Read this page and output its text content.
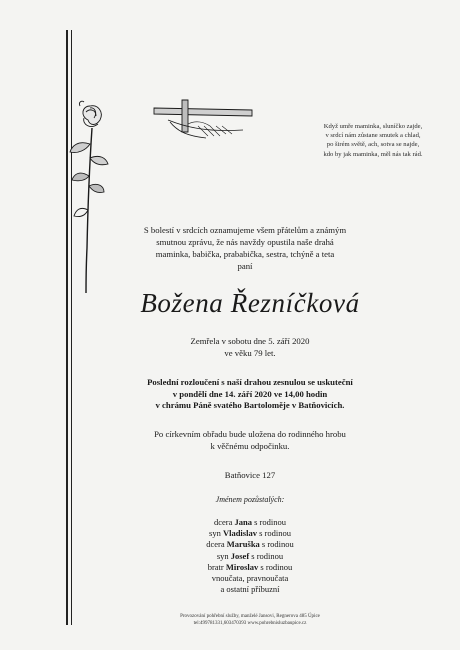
Když umře maminka, sluníčko zajde,
v srdcí nám zůstane smutek a chlad,
po širém světě, ach, sotva se najde,
kdo by jak maminka, měl nás tak rád.
S bolestí v srdcích oznamujeme všem přátelům a známým
smutnou zprávu, že nás navždy opustila naše drahá
maminka, babička, prababička, sestra, tchýně a teta
paní
Božena Řezníčková
Zemřela v sobotu dne 5. září 2020
ve věku 79 let.
Poslední rozloučení s naší drahou zesnulou se uskuteční
v pondělí dne 14. září 2020 ve 14,00 hodin
v chrámu Páně svatého Bartoloměje v Batňovicích.
Po církevním obřadu bude uložena do rodinného hrobu
k věčnému odpočinku.
Batňovice 127
Jménem pozůstalých:
dcera Jana s rodinou
syn Vladislav s rodinou
dcera Maruška s rodinou
syn Josef s rodinou
bratr Miroslav s rodinou
vnoučata, pravnoučata
a ostatní příbuzní
Provozování pohřební služby, manželé Jansovi, Regnerova 485 Úpice
tel:499781331,603470393 www.pohrebnisluzbaupice.cz
